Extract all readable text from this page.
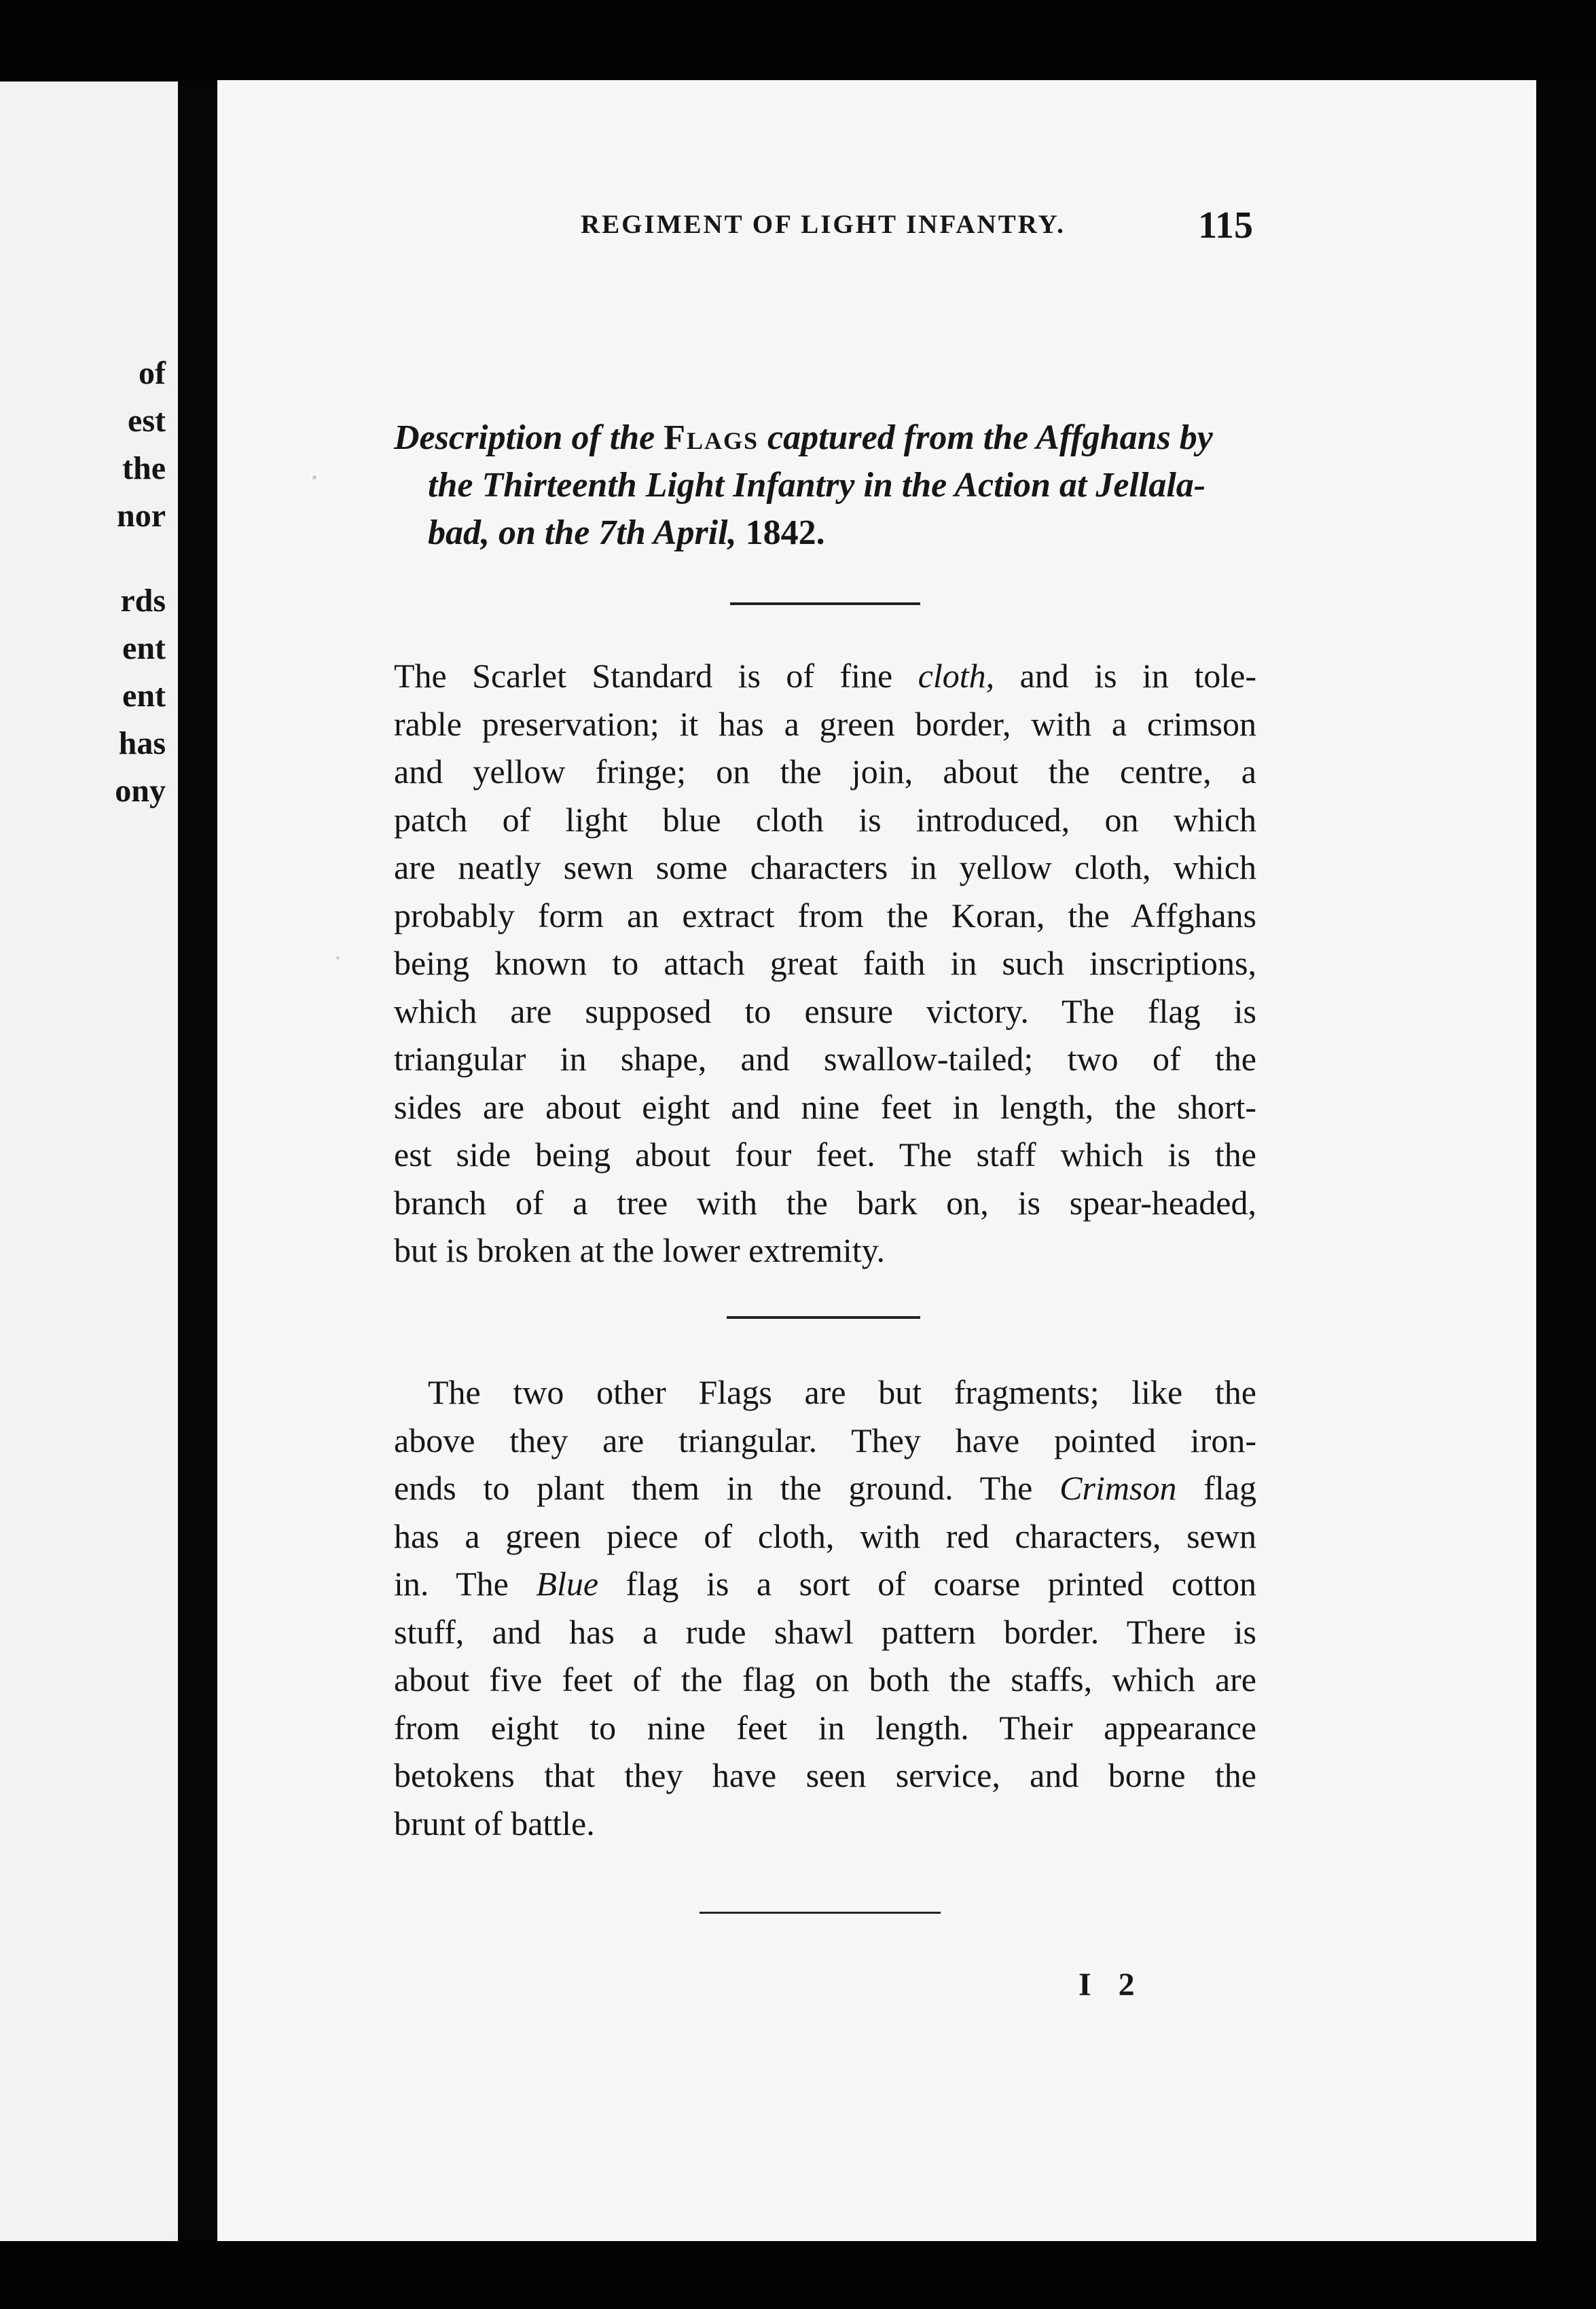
of
est
the
nor
rds
ent
ent
has
ony
REGIMENT OF LIGHT INFANTRY.	115
Description of the Flags captured from the Affghans by
the Thirteenth Light Infantry in the Action at Jellala-
bad, on the 7th April, 1842.
The Scarlet Standard is of fine cloth, and is in tole-
rable preservation; it has a green border, with a crimson
and yellow fringe; on the join, about the centre, a
patch of light blue cloth is introduced, on which
are neatly sewn some characters in yellow cloth, which
probably form an extract from the Koran, the Affghans
being known to attach great faith in such inscriptions,
which are supposed to ensure victory. The flag is
triangular in shape, and swallow-tailed; two of the
sides are about eight and nine feet in length, the short-
est side being about four feet. The staff which is the
branch of a tree with the bark on, is spear-headed,
but is broken at the lower extremity.
The two other Flags are but fragments; like the
above they are triangular. They have pointed iron-
ends to plant them in the ground. The Crimson flag
has a green piece of cloth, with red characters, sewn
in. The Blue flag is a sort of coarse printed cotton
stuff, and has a rude shawl pattern border. There is
about five feet of the flag on both the staffs, which are
from eight to nine feet in length. Their appearance
betokens that they have seen service, and borne the
brunt of battle.
I 2
